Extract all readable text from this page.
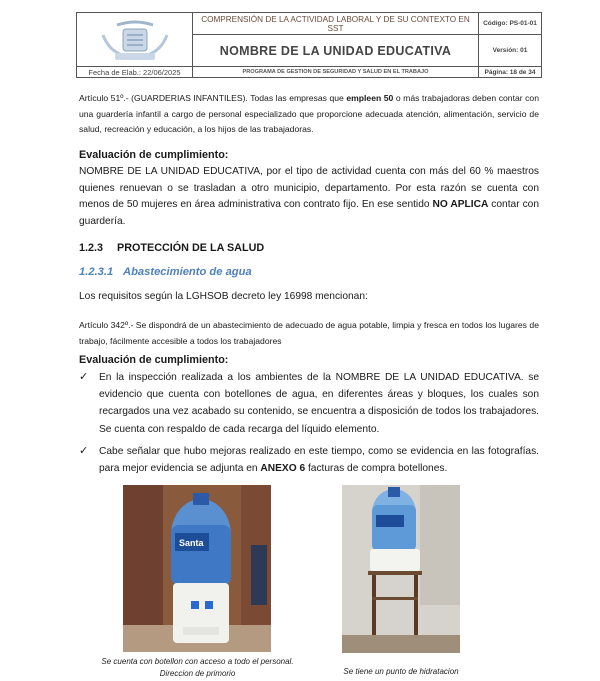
COMPRENSIÓN DE LA ACTIVIDAD LABORAL Y DE SU CONTEXTO EN SST
NOMBRE DE LA UNIDAD EDUCATIVA
Código: PS-01-01
Versión: 01
Fecha de Elab.: 22/06/2025	PROGRAMA DE GESTION DE SEGURIDAD Y SALUD EN EL TRABAJO	Página: 18 de 34
Artículo 51º.- (GUARDERIAS INFANTILES). Todas las empresas que empleen 50 o más trabajadoras deben contar con una guardería infantil a cargo de personal especializado que proporcione adecuada atención, alimentación, servicio de salud, recreación y educación, a los hijos de las trabajadoras.
Evaluación de cumplimiento:
NOMBRE DE LA UNIDAD EDUCATIVA, por el tipo de actividad cuenta con más del 60 % maestros quienes renuevan o se trasladan a otro municipio, departamento. Por esta razón se cuenta con menos de 50 mujeres en área administrativa con contrato fijo. En ese sentido NO APLICA contar con guardería.
1.2.3 PROTECCIÓN DE LA SALUD
1.2.3.1 Abastecimiento de agua
Los requisitos según la LGHSOB decreto ley 16998 mencionan:
Artículo 342º.- Se dispondrá de un abastecimiento de adecuado de agua potable, limpia y fresca en todos los lugares de trabajo, fácilmente accesible a todos los trabajadores
Evaluación de cumplimiento:
✓ En la inspección realizada a los ambientes de la NOMBRE DE LA UNIDAD EDUCATIVA. se evidencio que cuenta con botellones de agua, en diferentes áreas y bloques, los cuales son recargados una vez acabado su contenido, se encuentra a disposición de todos los trabajadores. Se cuenta con respaldo de cada recarga del líquido elemento.
✓ Cabe señalar que hubo mejoras realizado en este tiempo, como se evidencia en las fotografías. para mejor evidencia se adjunta en ANEXO 6 facturas de compra botellones.
Santa
Se cuenta con botellon con acceso a todo el personal. Direccion de primorio	Se tiene un punto de hidratacion
